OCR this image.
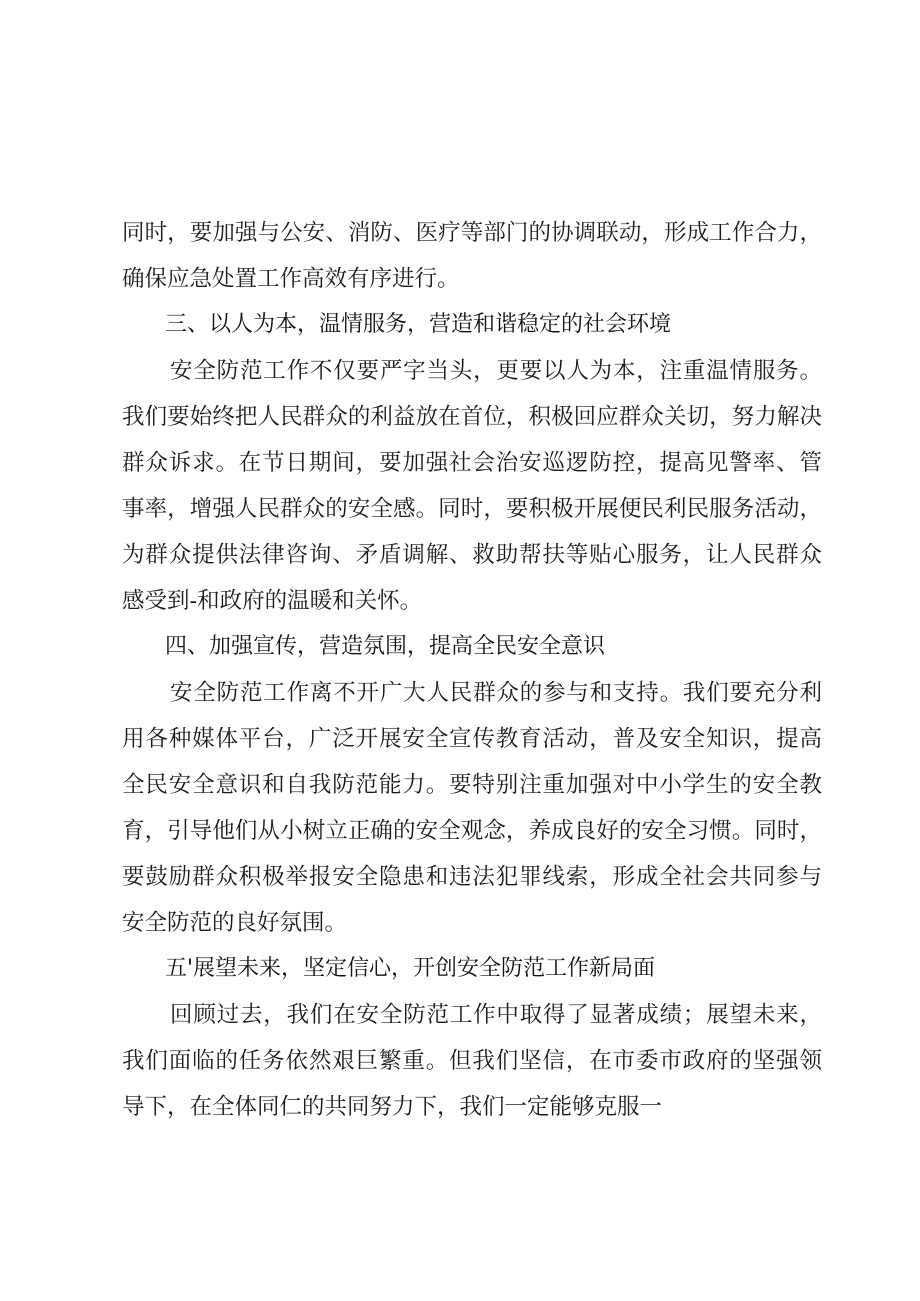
同时，要加强与公安、消防、医疗等部门的协调联动，形成工作合力，
确保应急处置工作高效有序进行。
三、以人为本，温情服务，营造和谐稳定的社会环境
安全防范工作不仅要严字当头，更要以人为本，注重温情服务。
我们要始终把人民群众的利益放在首位，积极回应群众关切，努力解决
群众诉求。在节日期间，要加强社会治安巡逻防控，提高见警率、管
事率，增强人民群众的安全感。同时，要积极开展便民利民服务活动，
为群众提供法律咨询、矛盾调解、救助帮扶等贴心服务，让人民群众
感受到-和政府的温暖和关怀。
四、加强宣传，营造氛围，提高全民安全意识
安全防范工作离不开广大人民群众的参与和支持。我们要充分利
用各种媒体平台，广泛开展安全宣传教育活动，普及安全知识，提高
全民安全意识和自我防范能力。要特别注重加强对中小学生的安全教
育，引导他们从小树立正确的安全观念，养成良好的安全习惯。同时，
要鼓励群众积极举报安全隐患和违法犯罪线索，形成全社会共同参与
安全防范的良好氛围。
五'展望未来，坚定信心，开创安全防范工作新局面
回顾过去，我们在安全防范工作中取得了显著成绩；展望未来，
我们面临的任务依然艰巨繁重。但我们坚信，在市委市政府的坚强领
导下，在全体同仁的共同努力下，我们一定能够克服一
